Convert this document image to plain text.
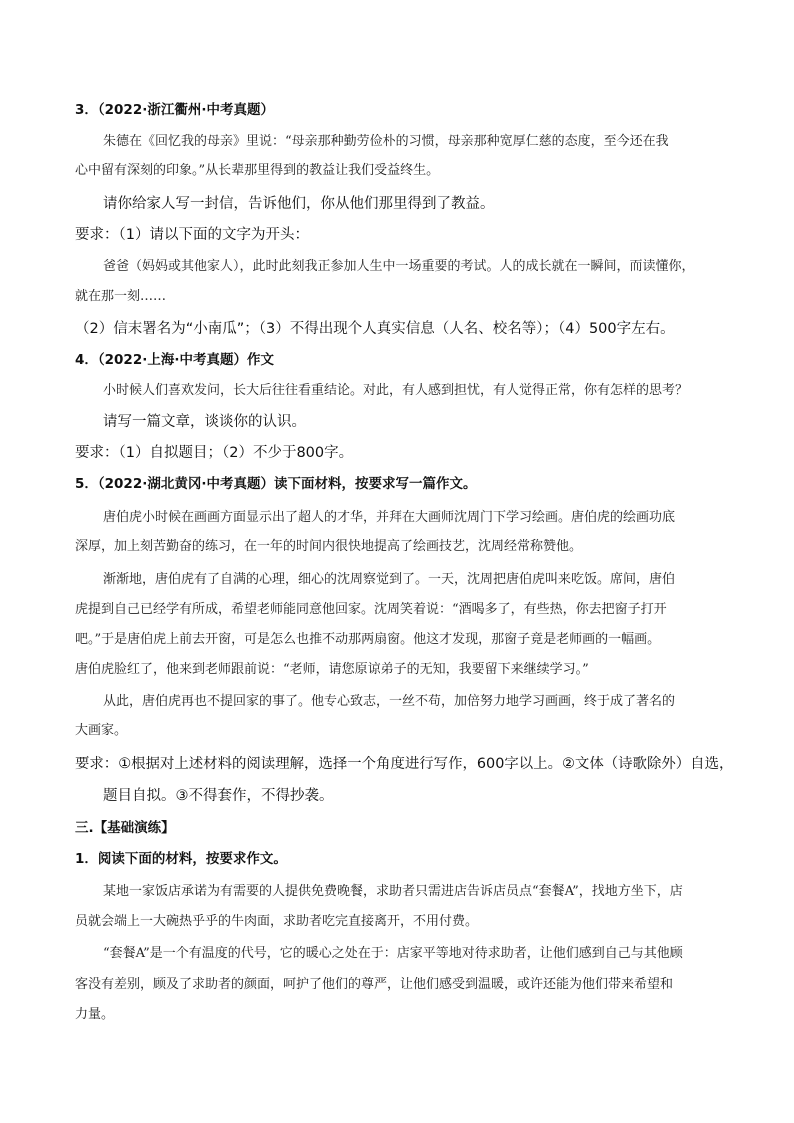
3．（2022·浙江衢州·中考真题）
朱德在《回忆我的母亲》里说：“母亲那种勤劳俭朴的习惯，母亲那种宽厚仁慈的态度，至今还在我
心中留有深刻的印象。”从长辈那里得到的教益让我们受益终生。
请你给家人写一封信，告诉他们，你从他们那里得到了教益。
要求：（1）请以下面的文字为开头：
爸爸（妈妈或其他家人），此时此刻我正参加人生中一场重要的考试。人的成长就在一瞬间，而读懂你，
就在那一刻……
（2）信末署名为“小南瓜”；（3）不得出现个人真实信息（人名、校名等）；（4）500字左右。
4．（2022·上海·中考真题）作文
小时候人们喜欢发问，长大后往往看重结论。对此，有人感到担忧，有人觉得正常，你有怎样的思考？
请写一篇文章，谈谈你的认识。
要求：（1）自拟题目；（2）不少于800字。
5．（2022·湖北黄冈·中考真题）读下面材料，按要求写一篇作文。
唐伯虎小时候在画画方面显示出了超人的才华，并拜在大画师沈周门下学习绘画。唐伯虎的绘画功底
深厚，加上刻苦勤奋的练习，在一年的时间内很快地提高了绘画技艺，沈周经常称赞他。
渐渐地，唐伯虎有了自满的心理，细心的沈周察觉到了。一天，沈周把唐伯虎叫来吃饭。席间，唐伯
虎提到自己已经学有所成，希望老师能同意他回家。沈周笑着说：“酒喝多了，有些热，你去把窗子打开
吧。”于是唐伯虎上前去开窗，可是怎么也推不动那两扇窗。他这才发现，那窗子竟是老师画的一幅画。
唐伯虎脸红了，他来到老师跟前说：“老师，请您原谅弟子的无知，我要留下来继续学习。”
从此，唐伯虎再也不提回家的事了。他专心致志，一丝不苟，加倍努力地学习画画，终于成了著名的
大画家。
要求：①根据对上述材料的阅读理解，选择一个角度进行写作，600字以上。②文体（诗歌除外）自选，
题目自拟。③不得套作，不得抄袭。
三.【基础演练】
1．阅读下面的材料，按要求作文。
某地一家饭店承诺为有需要的人提供免费晚餐，求助者只需进店告诉店员点“套餐A”，找地方坐下，店
员就会端上一大碗热乎乎的牛肉面，求助者吃完直接离开，不用付费。
“套餐A”是一个有温度的代号，它的暖心之处在于：店家平等地对待求助者，让他们感到自己与其他顾
客没有差别，顾及了求助者的颜面，呵护了他们的尊严，让他们感受到温暖，或许还能为他们带来希望和
力量。
